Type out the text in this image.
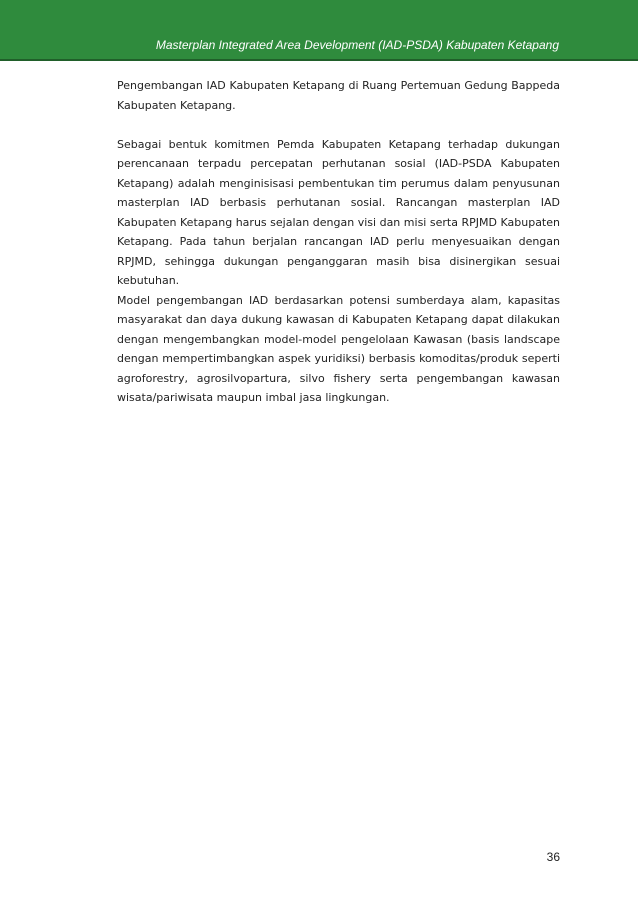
Masterplan Integrated Area Development (IAD-PSDA) Kabupaten Ketapang

Pengembangan IAD Kabupaten Ketapang di Ruang Pertemuan Gedung Bappeda Kabupaten Ketapang.

Sebagai bentuk komitmen Pemda Kabupaten Ketapang terhadap dukungan perencanaan terpadu percepatan perhutanan sosial (IAD-PSDA Kabupaten Ketapang) adalah menginisisasi pembentukan tim perumus dalam penyusunan masterplan IAD berbasis perhutanan sosial. Rancangan masterplan IAD Kabupaten Ketapang harus sejalan dengan visi dan misi serta RPJMD Kabupaten Ketapang. Pada tahun berjalan rancangan IAD perlu menyesuaikan dengan RPJMD, sehingga dukungan penganggaran masih bisa disinergikan sesuai kebutuhan.

Model pengembangan IAD berdasarkan potensi sumberdaya alam, kapasitas masyarakat dan daya dukung kawasan di Kabupaten Ketapang dapat dilakukan dengan mengembangkan model-model pengelolaan Kawasan (basis landscape dengan mempertimbangkan aspek yuridiksi) berbasis komoditas/produk seperti agroforestry, agrosilvopartura, silvo fishery serta pengembangan kawasan wisata/pariwisata maupun imbal jasa lingkungan.

36
